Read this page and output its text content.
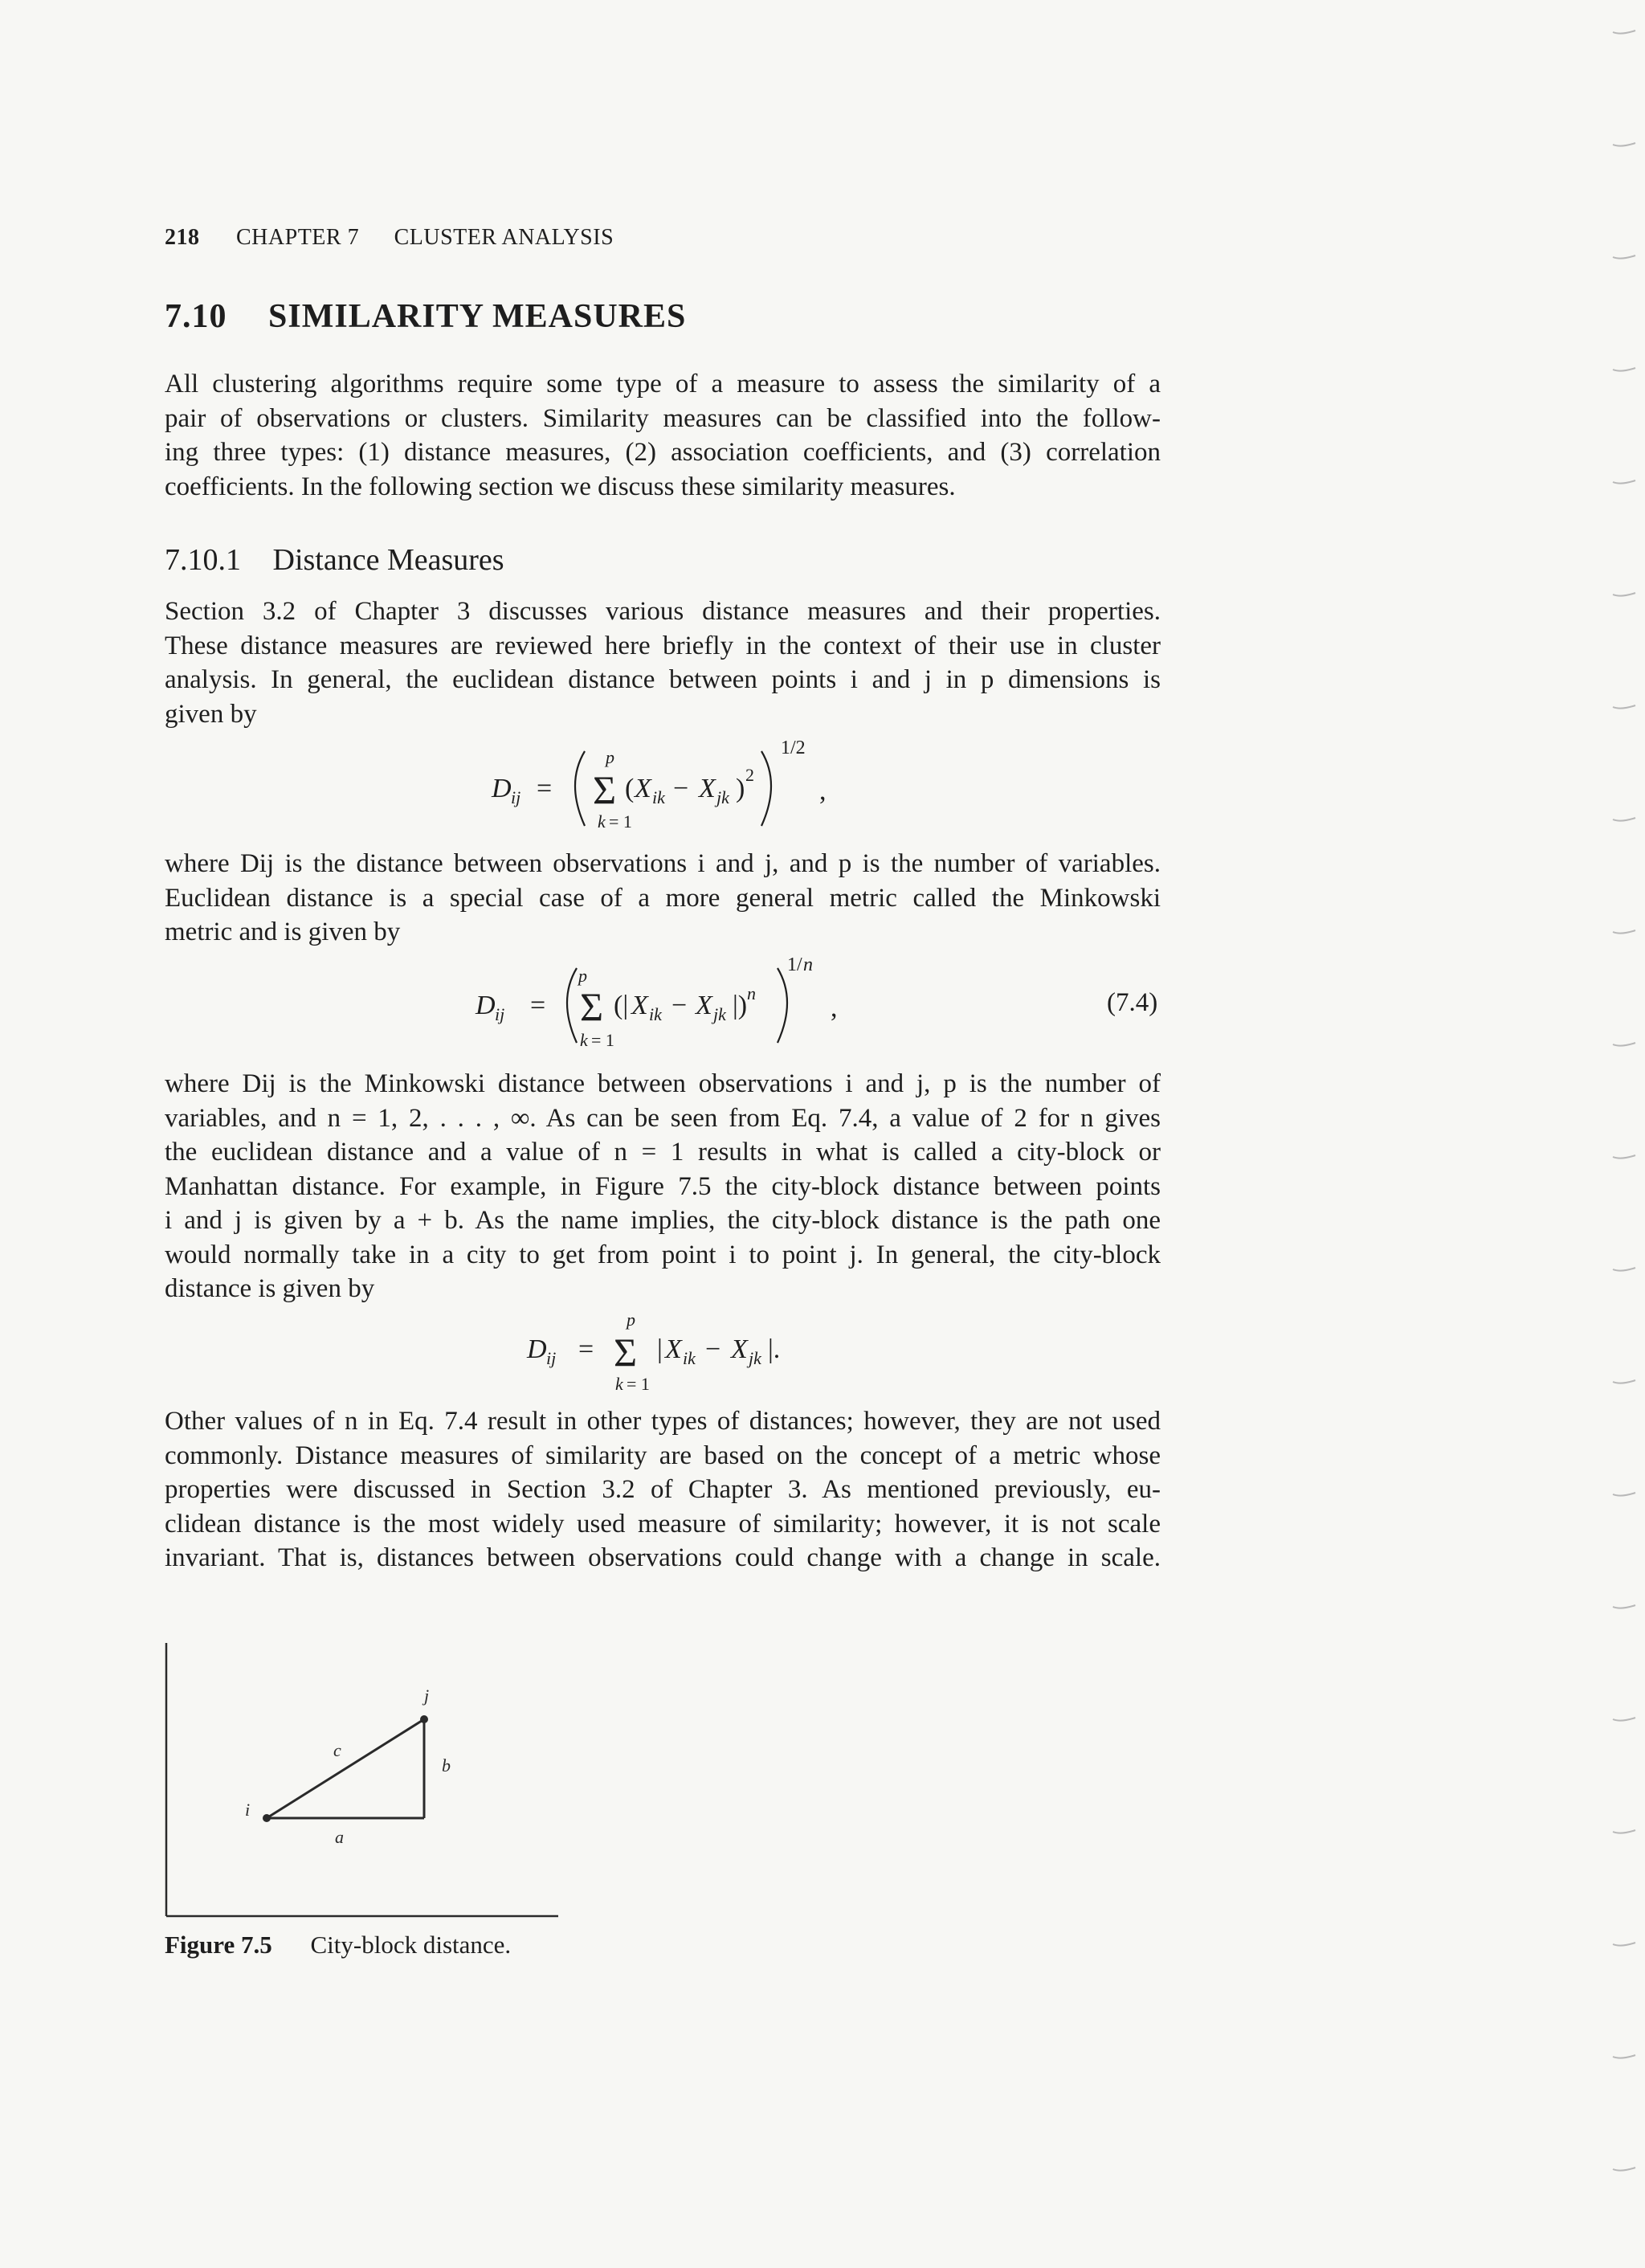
218 CHAPTER 7 CLUSTER ANALYSIS
7.10 SIMILARITY MEASURES

All clustering algorithms require some type of a measure to assess the similarity of a
pair of observations or clusters. Similarity measures can be classified into the follow-
ing three types: (1) distance measures, (2) association coefficients, and (3) correlation
coefficients. In the following section we discuss these similarity measures.

7.10.1 Distance Measures

Section 3.2 of Chapter 3 discusses various distance measures and their properties.
These distance measures are reviewed here briefly in the context of their use in cluster
analysis. In general, the euclidean distance between points i and j in p dimensions is
given by

D ij = Σ
p
k = 1
( X ik − X jk ) 2
1/2
,

where Dij is the distance between observations i and j, and p is the number of variables.
Euclidean distance is a special case of a more general metric called the Minkowski
metric and is given by

D ij = Σ
p
k = 1
(| X ik − X jk |) n
1/ n
,	(7.4)

where Dij is the Minkowski distance between observations i and j, p is the number of
variables, and n = 1, 2, . . . , ∞. As can be seen from Eq. 7.4, a value of 2 for n gives
the euclidean distance and a value of n = 1 results in what is called a city-block or
Manhattan distance. For example, in Figure 7.5 the city-block distance between points
i and j is given by a + b. As the name implies, the city-block distance is the path one
would normally take in a city to get from point i to point j. In general, the city-block
distance is given by

D ij = Σ
p
k = 1
| X ik − X jk |.

Other values of n in Eq. 7.4 result in other types of distances; however, they are not used
commonly. Distance measures of similarity are based on the concept of a metric whose
properties were discussed in Section 3.2 of Chapter 3. As mentioned previously, eu-
clidean distance is the most widely used measure of similarity; however, it is not scale
invariant. That is, distances between observations could change with a change in scale.

i
j
a
b
c
Figure 7.5 City-block distance.
